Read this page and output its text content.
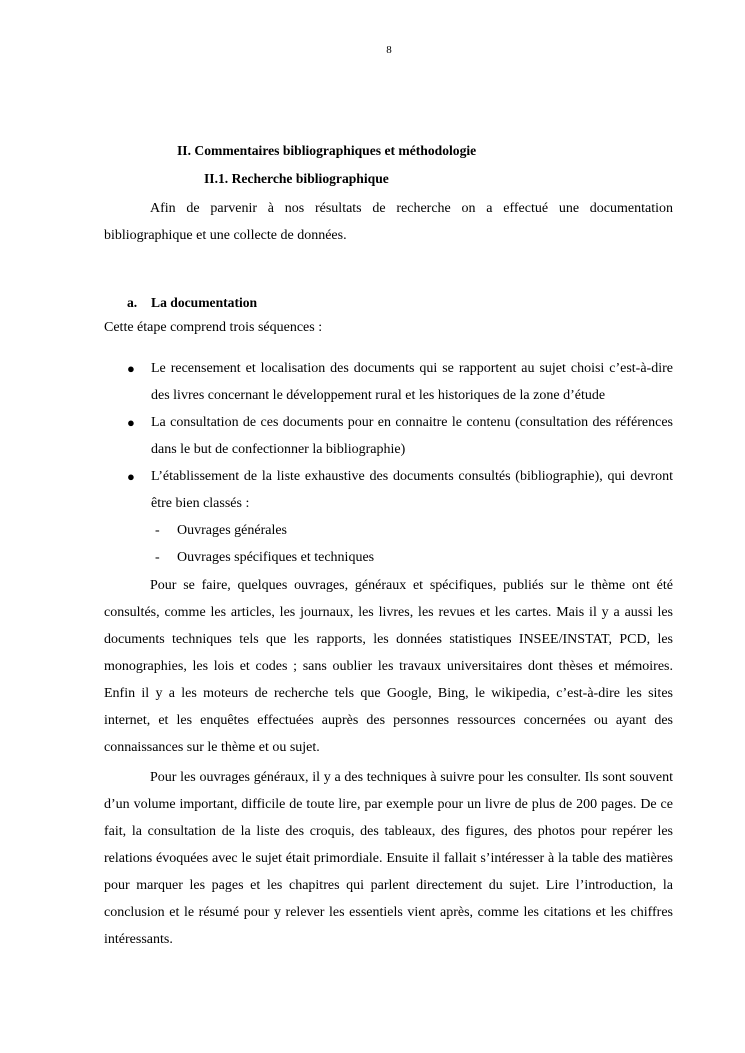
8
II. Commentaires bibliographiques et méthodologie
II.1. Recherche bibliographique

Afin de parvenir à nos résultats de recherche on a effectué une documentation bibliographique et une collecte de données.

a. La documentation
Cette étape comprend trois séquences :
● Le recensement et localisation des documents qui se rapportent au sujet choisi c’est-à-dire des livres concernant le développement rural et les historiques de la zone d’étude
● La consultation de ces documents pour en connaitre le contenu (consultation des références dans le but de confectionner la bibliographie)
● L’établissement de la liste exhaustive des documents consultés (bibliographie), qui devront être bien classés :
- Ouvrages générales
- Ouvrages spécifiques et techniques

Pour se faire, quelques ouvrages, généraux et spécifiques, publiés sur le thème ont été consultés, comme les articles, les journaux, les livres, les revues et les cartes. Mais il y a aussi les documents techniques tels que les rapports, les données statistiques INSEE/INSTAT, PCD, les monographies, les lois et codes ; sans oublier les travaux universitaires dont thèses et mémoires. Enfin il y a les moteurs de recherche tels que Google, Bing, le wikipedia, c’est-à-dire les sites internet, et les enquêtes effectuées auprès des personnes ressources concernées ou ayant des connaissances sur le thème et ou sujet.

Pour les ouvrages généraux, il y a des techniques à suivre pour les consulter. Ils sont souvent d’un volume important, difficile de toute lire, par exemple pour un livre de plus de 200 pages. De ce fait, la consultation de la liste des croquis, des tableaux, des figures, des photos pour repérer les relations évoquées avec le sujet était primordiale. Ensuite il fallait s’intéresser à la table des matières pour marquer les pages et les chapitres qui parlent directement du sujet. Lire l’introduction, la conclusion et le résumé pour y relever les essentiels vient après, comme les citations et les chiffres intéressants.
